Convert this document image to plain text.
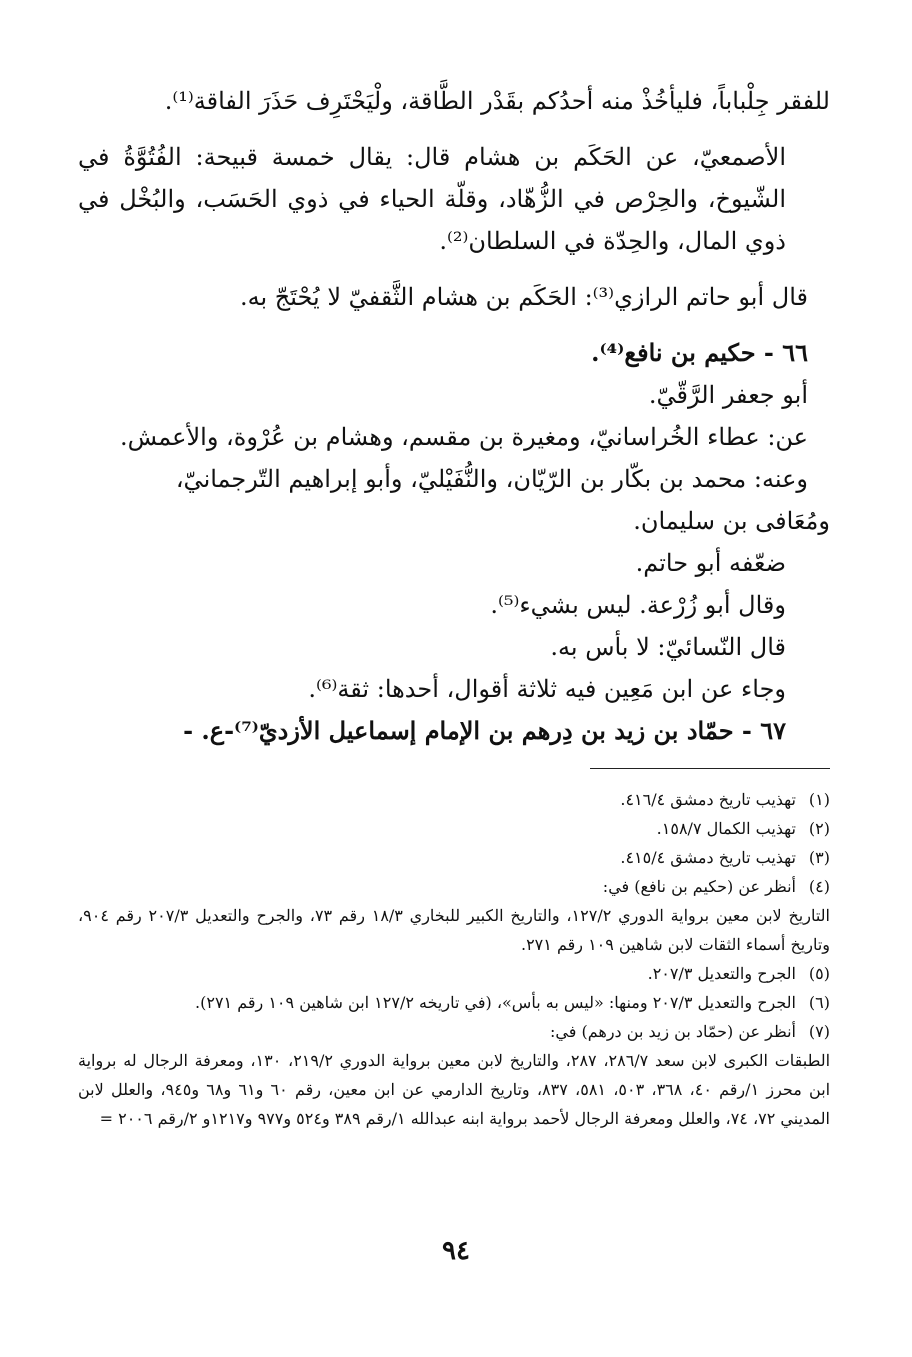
للفقر جِلْباباً، فليأخُذْ منه أحدُكم بقَدْر الطَّاقة، ولْيَحْتَرِف حَذَرَ الفاقة⁽¹⁾.

الأصمعيّ، عن الحَكَم بن هشام قال: يقال خمسة قبيحة: الفُتُوَّةُ في الشّيوخ، والحِرْص في الزُّهّاد، وقلّة الحياء في ذوي الحَسَب، والبُخْل في ذوي المال، والحِدّة في السلطان⁽²⁾.

قال أبو حاتم الرازي⁽³⁾: الحَكَم بن هشام الثَّقفيّ لا يُحْتَجّ به.

٦٦ - حكيم بن نافع⁽⁴⁾.

أبو جعفر الرَّقّيّ.

عن: عطاء الخُراسانيّ، ومغيرة بن مقسم، وهشام بن عُرْوة، والأعمش.

وعنه: محمد بن بكّار بن الرّيّان، والنُّفَيْليّ، وأبو إبراهيم التّرجمانيّ،

ومُعَافى بن سليمان.

ضعّفه أبو حاتم.

وقال أبو زُرْعة. ليس بشيء⁽⁵⁾.

قال النّسائيّ: لا بأس به.

وجاء عن ابن مَعِين فيه ثلاثة أقوال، أحدها: ثقة⁽⁶⁾.

٦٧ - حمّاد بن زيد بن دِرهم بن الإمام إسماعيل الأزديّ⁽⁷⁾-ع. -

(١)
تهذيب تاريخ دمشق ٤١٦/٤.
(٢)
تهذيب الكمال ١٥٨/٧.
(٣)
تهذيب تاريخ دمشق ٤١٥/٤.
(٤)
أنظر عن (حكيم بن نافع) في:

التاريخ لابن معين برواية الدوري ١٢٧/٢، والتاريخ الكبير للبخاري ١٨/٣ رقم ٧٣، والجرح والتعديل ٢٠٧/٣ رقم ٩٠٤، وتاريخ أسماء الثقات لابن شاهين ١٠٩ رقم ٢٧١.

(٥)
الجرح والتعديل ٢٠٧/٣.
(٦)
الجرح والتعديل ٢٠٧/٣ ومنها: «ليس به بأس»، (في تاريخه ١٢٧/٢ ابن شاهين ١٠٩ رقم ٢٧١).
(٧)
أنظر عن (حمّاد بن زيد بن درهم) في:

الطبقات الكبرى لابن سعد ٢٨٦/٧، ٢٨٧، والتاريخ لابن معين برواية الدوري ٢١٩/٢، ١٣٠، ومعرفة الرجال له برواية ابن محرز ١/رقم ٤٠، ٣٦٨، ٥٠٣، ٥٨١، ٨٣٧، وتاريخ الدارمي عن ابن معين، رقم ٦٠ و٦١ و٦٨ و٩٤٥، والعلل لابن المديني ٧٢، ٧٤، والعلل ومعرفة الرجال لأحمد برواية ابنه عبدالله ١/رقم ٣٨٩ و٥٢٤ و٩٧٧ و١٢١٧و ٢/رقم ٢٠٠٦ =

٩٤
